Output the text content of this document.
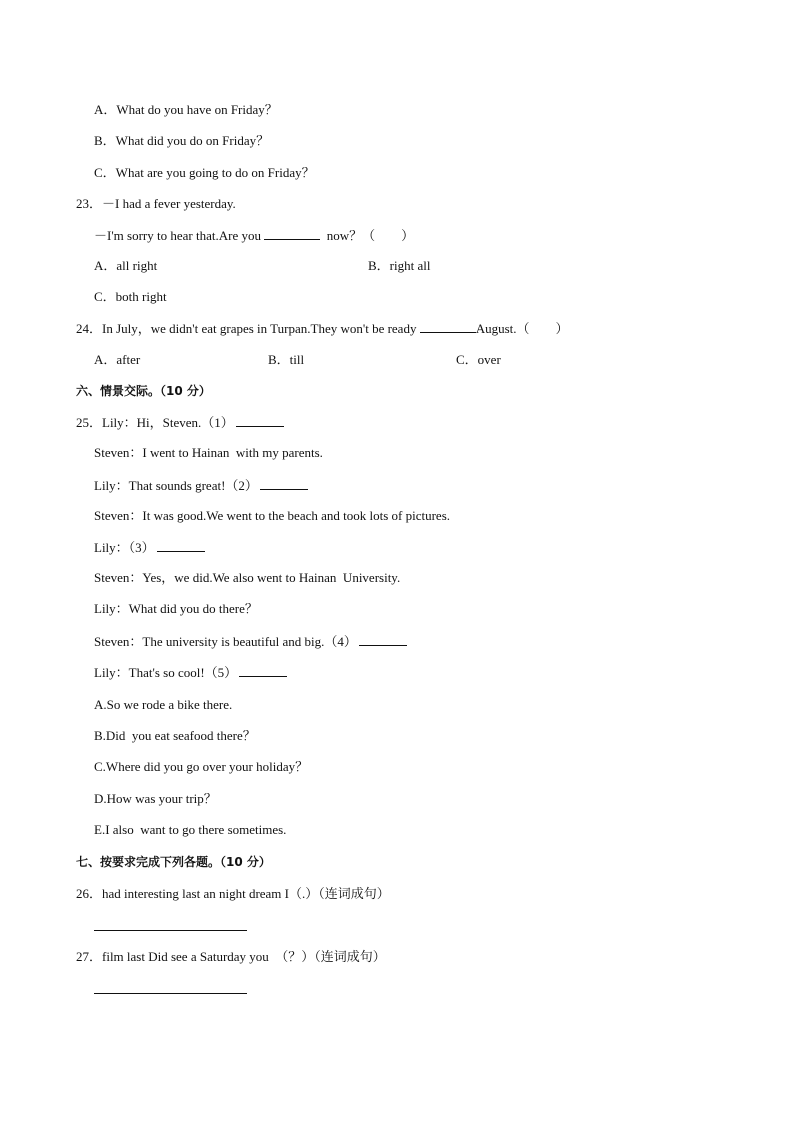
A．What do you have on Friday？
B．What did you do on Friday？
C．What are you going to do on Friday？
23．－I had a fever yesterday.
－I'm sorry to hear that.Are you	now？（　　）
A．all right	B．right all
C．both right
24．In July，we didn't eat grapes in Turpan.They won't be ready	August.（　　）
A．after	B．till	C．over
六、情景交际。（10 分）
25．Lily：Hi，Steven.（1）
Steven：I went to Hainan  with my parents.
Lily：That sounds great!（2）
Steven：It was good.We went to the beach and took lots of pictures.
Lily：（3）
Steven：Yes，we did.We also went to Hainan  University.
Lily：What did you do there？
Steven：The university is beautiful and big.（4）
Lily：That's so cool!（5）
A.So we rode a bike there.
B.Did  you eat seafood there？
C.Where did you go over your holiday？
D.How was your trip？
E.I also  want to go there sometimes.
七、按要求完成下列各题。（10 分）
26．had interesting last an night dream I（.）（连词成句）
27．film last Did see a Saturday you  （？）（连词成句）
